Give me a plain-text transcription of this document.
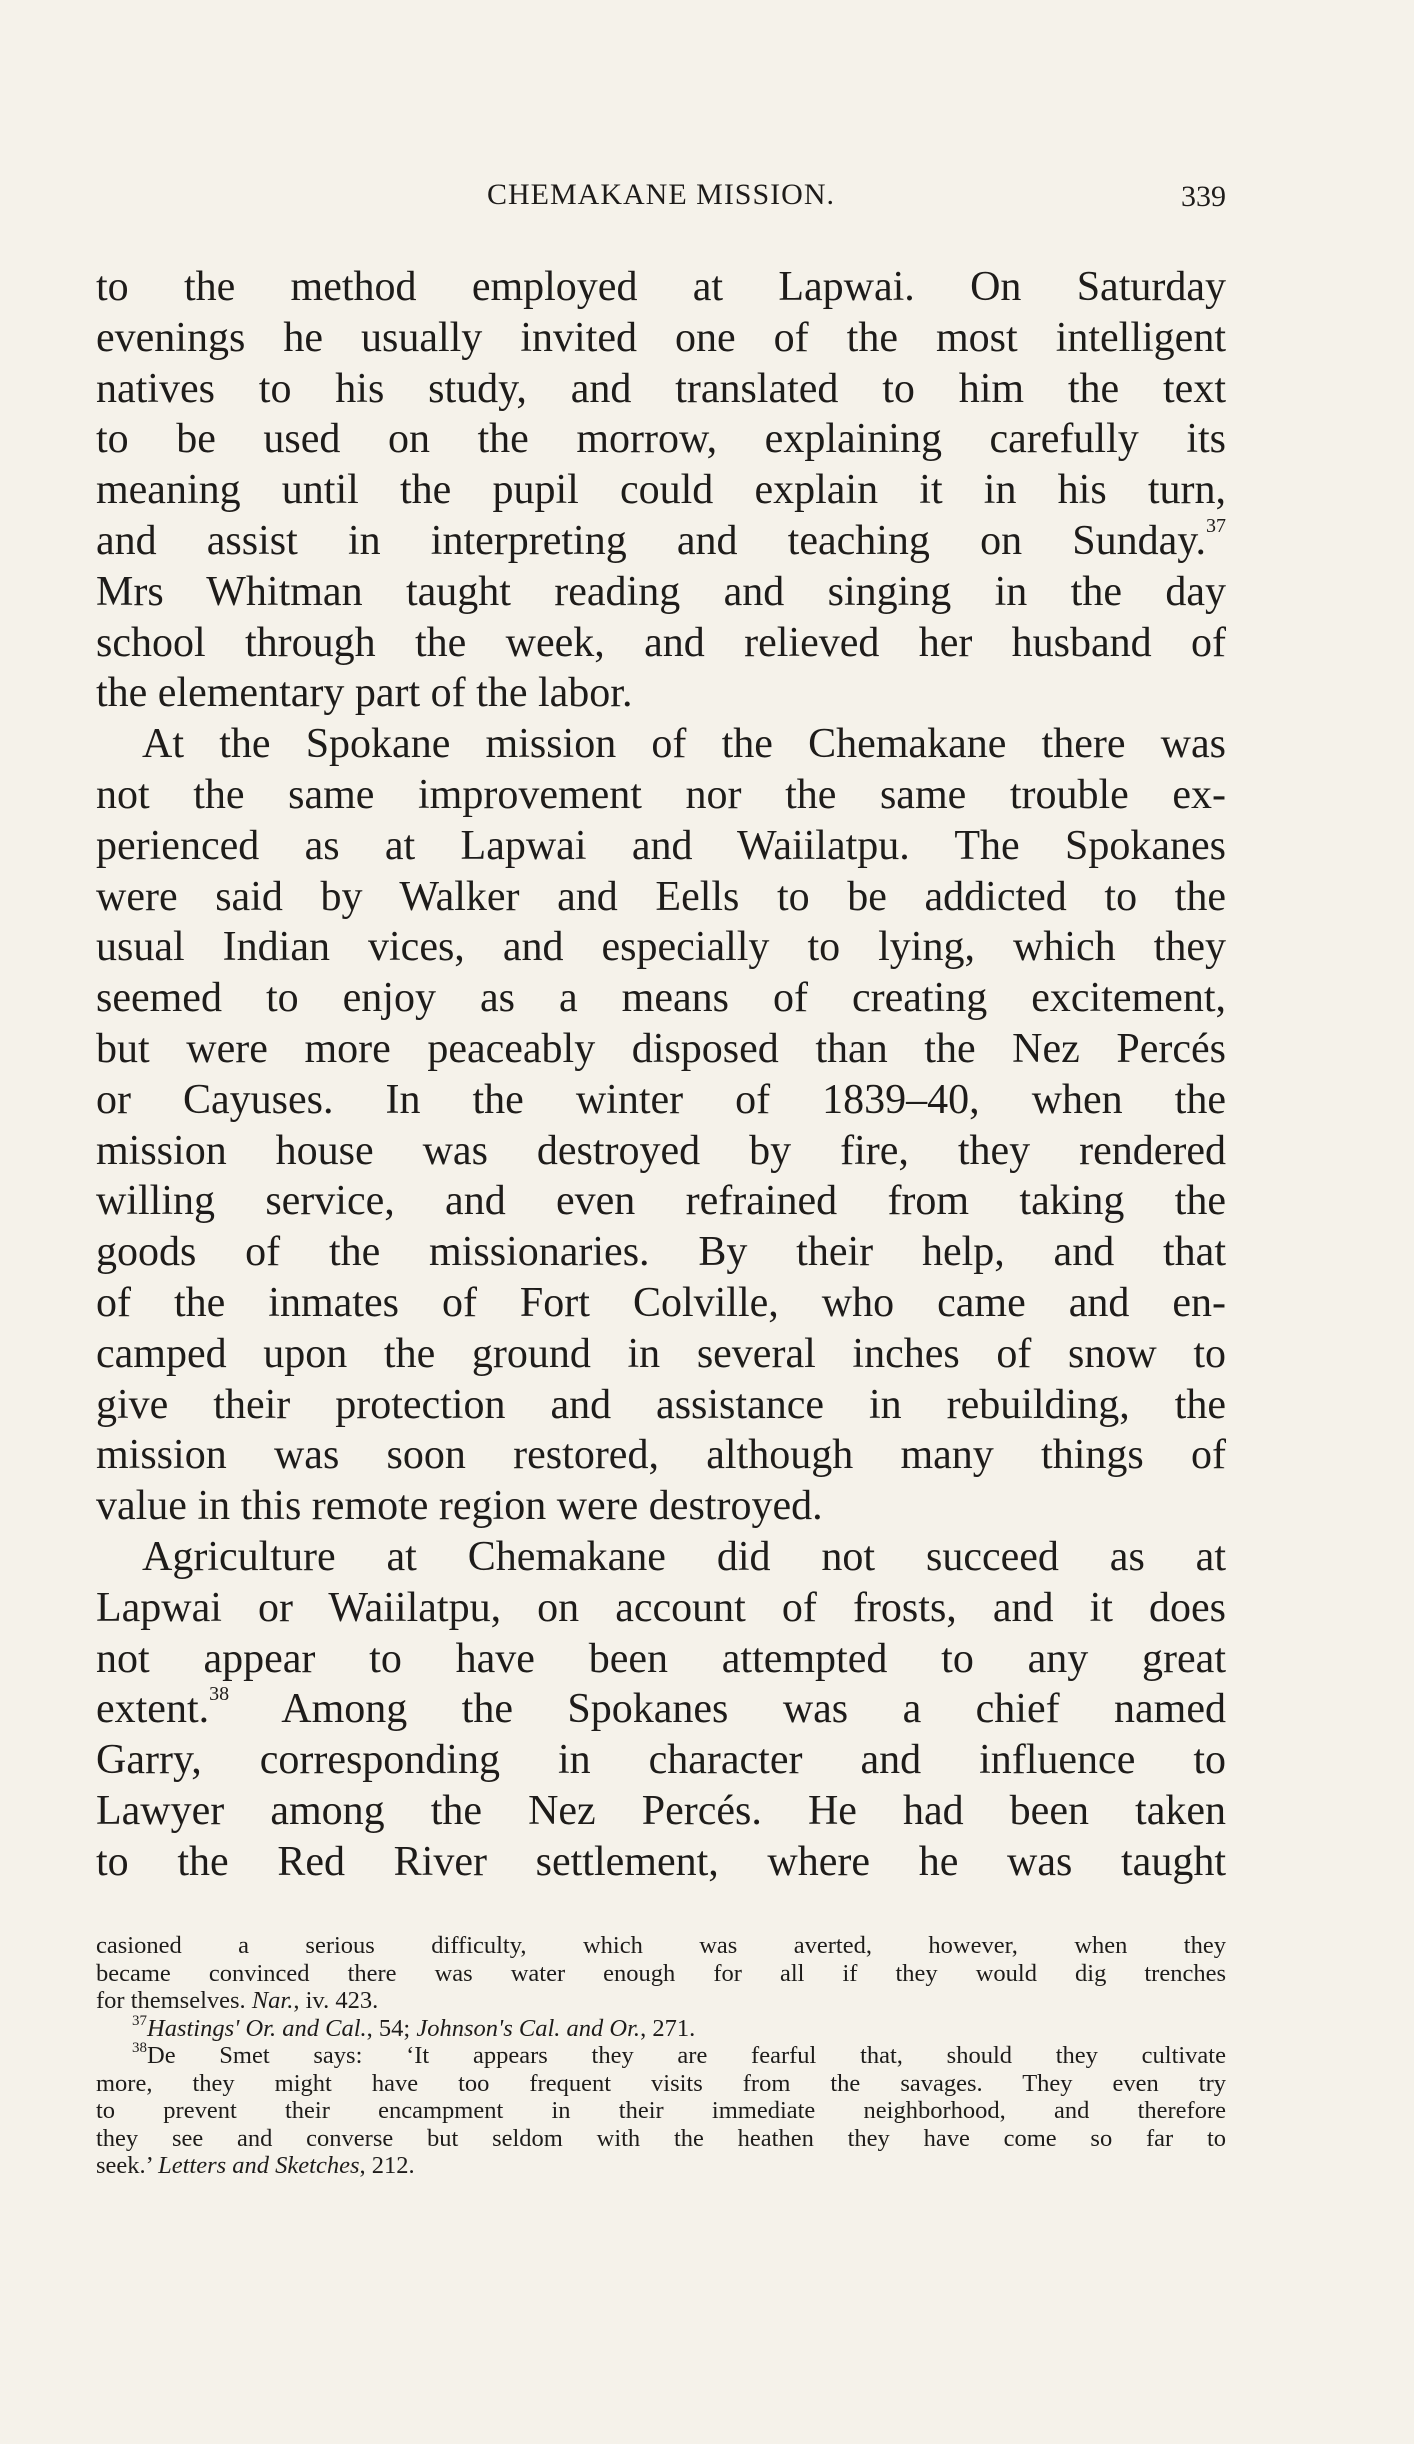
CHEMAKANE MISSION.	339
to the method employed at Lapwai. On Saturday
evenings he usually invited one of the most intelligent
natives to his study, and translated to him the text
to be used on the morrow, explaining carefully its
meaning until the pupil could explain it in his turn,
and assist in interpreting and teaching on Sunday.$^{37}$
Mrs Whitman taught reading and singing in the day
school through the week, and relieved her husband of
the elementary part of the labor.
At the Spokane mission of the Chemakane there was
not the same improvement nor the same trouble ex-
perienced as at Lapwai and Waiilatpu. The Spokanes
were said by Walker and Eells to be addicted to the
usual Indian vices, and especially to lying, which they
seemed to enjoy as a means of creating excitement,
but were more peaceably disposed than the Nez Percés
or Cayuses. In the winter of 1839–40, when the
mission house was destroyed by fire, they rendered
willing service, and even refrained from taking the
goods of the missionaries. By their help, and that
of the inmates of Fort Colville, who came and en-
camped upon the ground in several inches of snow to
give their protection and assistance in rebuilding, the
mission was soon restored, although many things of
value in this remote region were destroyed.
Agriculture at Chemakane did not succeed as at
Lapwai or Waiilatpu, on account of frosts, and it does
not appear to have been attempted to any great
extent.$^{38}$ Among the Spokanes was a chief named
Garry, corresponding in character and influence to
Lawyer among the Nez Percés. He had been taken
to the Red River settlement, where he was taught
casioned a serious difficulty, which was averted, however, when they
became convinced there was water enough for all if they would dig trenches
for themselves. Nar., iv. 423.
$^{37}$Hastings' Or. and Cal., 54; Johnson's Cal. and Or., 271.
$^{38}$De Smet says: ‘It appears they are fearful that, should they cultivate
more, they might have too frequent visits from the savages. They even try
to prevent their encampment in their immediate neighborhood, and therefore
they see and converse but seldom with the heathen they have come so far to
seek.’ Letters and Sketches, 212.
